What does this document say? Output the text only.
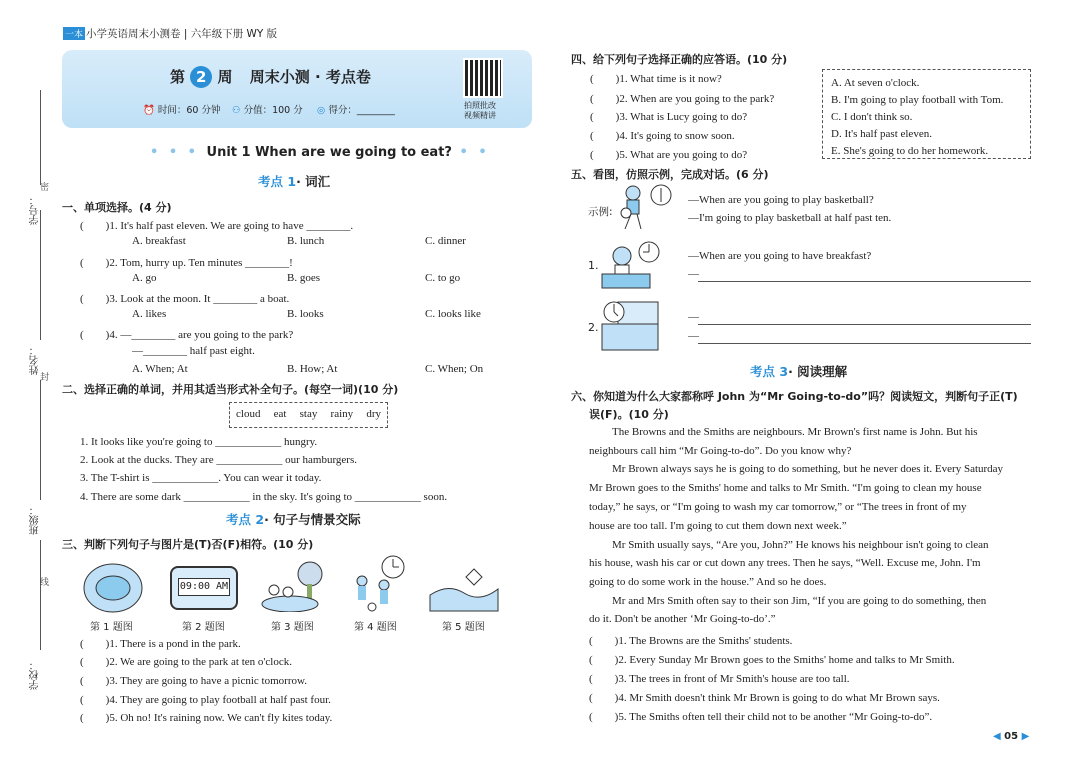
学号：
姓名：
班级：
学校：
密
封
线
一本 小学英语周末小测卷 | 六年级下册 WY 版
第 2 周 周末小测 · 考点卷
⏰ 时间：60 分钟 ⚇ 分值：100 分 ◎ 得分：________	拍照批改
视频精讲
• • • Unit 1 When are we going to eat? • •
考点 1· 词汇
一、单项选择。(4 分)
(　　)1. It's half past eleven. We are going to have ________.
A. breakfast	B. lunch	C. dinner
(　　)2. Tom, hurry up. Ten minutes ________!
A. go	B. goes	C. to go
(　　)3. Look at the moon. It ________ a boat.
A. likes	B. looks	C. looks like
(　　)4. —________ are you going to the park?
—________ half past eight.
A. When; At	B. How; At	C. When; On
二、选择正确的单词，并用其适当形式补全句子。(每空一词)(10 分)
cloud eat stay rainy dry
1. It looks like you're going to ____________ hungry.
2. Look at the ducks. They are ____________ our hamburgers.
3. The T-shirt is ____________. You can wear it today.
4. There are some dark ____________ in the sky. It's going to ____________ soon.
考点 2· 句子与情景交际
三、判断下列句子与图片是(T)否(F)相符。(10 分)
09:00 AM
第 1 题图	第 2 题图	第 3 题图	第 4 题图	第 5 题图
(　　)1. There is a pond in the park.
(　　)2. We are going to the park at ten o'clock.
(　　)3. They are going to have a picnic tomorrow.
(　　)4. They are going to play football at half past four.
(　　)5. Oh no! It's raining now. We can't fly kites today.
四、给下列句子选择正确的应答语。(10 分)
(　　)1. What time is it now?
(　　)2. When are you going to the park?
(　　)3. What is Lucy going to do?
(　　)4. It's going to snow soon.
(　　)5. What are you going to do?
A. At seven o'clock.
B. I'm going to play football with Tom.
C. I don't think so.
D. It's half past eleven.
E. She's going to do her homework.
五、看图，仿照示例，完成对话。(6 分)
示例:
—When are you going to play basketball?
—I'm going to play basketball at half past ten.
1.
—When are you going to have breakfast?
—
2.
—
—
考点 3· 阅读理解
六、你知道为什么大家都称呼 John 为“Mr Going-to-do”吗？阅读短文，判断句子正(T)
误(F)。(10 分)
The Browns and the Smiths are neighbours. Mr Brown's first name is John. But his
neighbours call him “Mr Going-to-do”. Do you know why?
Mr Brown always says he is going to do something, but he never does it. Every Saturday
Mr Brown goes to the Smiths' home and talks to Mr Smith. “I'm going to clean my house
today,” he says, or “I'm going to wash my car tomorrow,” or “The trees in front of my
house are too tall. I'm going to cut them down next week.”
Mr Smith usually says, “Are you, John?” He knows his neighbour isn't going to clean
his house, wash his car or cut down any trees. Then he says, “Well. Excuse me, John. I'm
going to do some work in the house.” And so he does.
Mr and Mrs Smith often say to their son Jim, “If you are going to do something, then
do it. Don't be another ‘Mr Going-to-do’.”
(　　)1. The Browns are the Smiths' students.
(　　)2. Every Sunday Mr Brown goes to the Smiths' home and talks to Mr Smith.
(　　)3. The trees in front of Mr Smith's house are too tall.
(　　)4. Mr Smith doesn't think Mr Brown is going to do what Mr Brown says.
(　　)5. The Smiths often tell their child not to be another “Mr Going-to-do”.
◀ 05 ▶
